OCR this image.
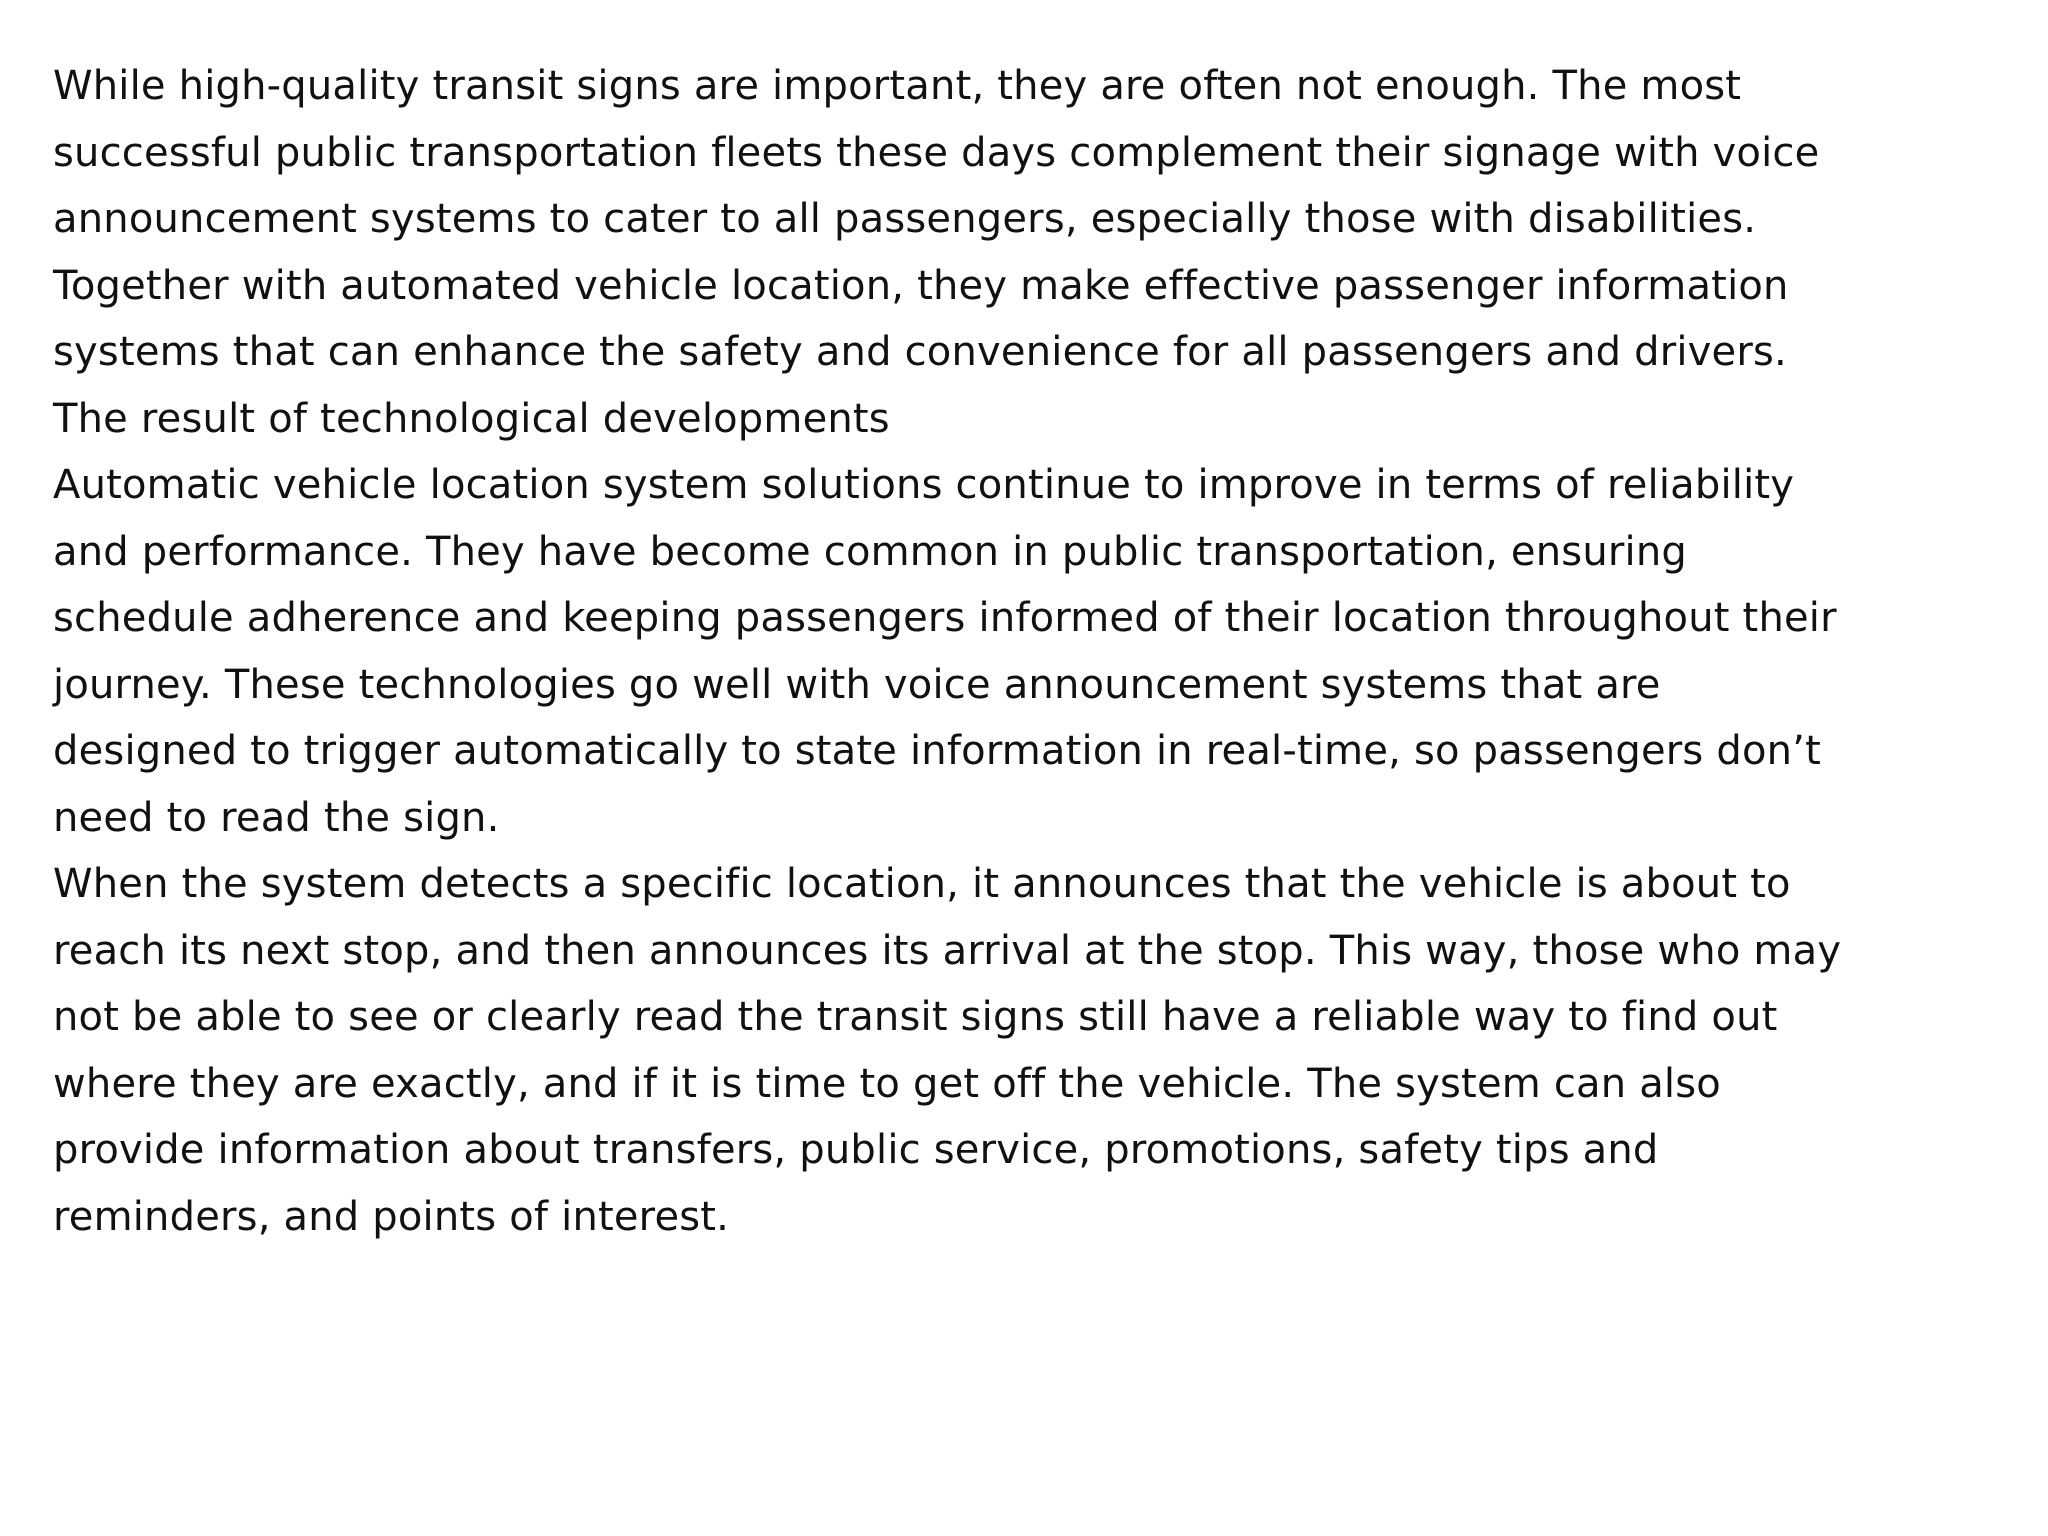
While high-quality transit signs are important, they are often not enough. The most
successful public transportation fleets these days complement their signage with voice
announcement systems to cater to all passengers, especially those with disabilities.
Together with automated vehicle location, they make effective passenger information
systems that can enhance the safety and convenience for all passengers and drivers.

The result of technological developments

Automatic vehicle location system solutions continue to improve in terms of reliability
and performance. They have become common in public transportation, ensuring
schedule adherence and keeping passengers informed of their location throughout their
journey. These technologies go well with voice announcement systems that are
designed to trigger automatically to state information in real-time, so passengers don’t
need to read the sign.

When the system detects a specific location, it announces that the vehicle is about to
reach its next stop, and then announces its arrival at the stop. This way, those who may
not be able to see or clearly read the transit signs still have a reliable way to find out
where they are exactly, and if it is time to get off the vehicle. The system can also
provide information about transfers, public service, promotions, safety tips and
reminders, and points of interest.
